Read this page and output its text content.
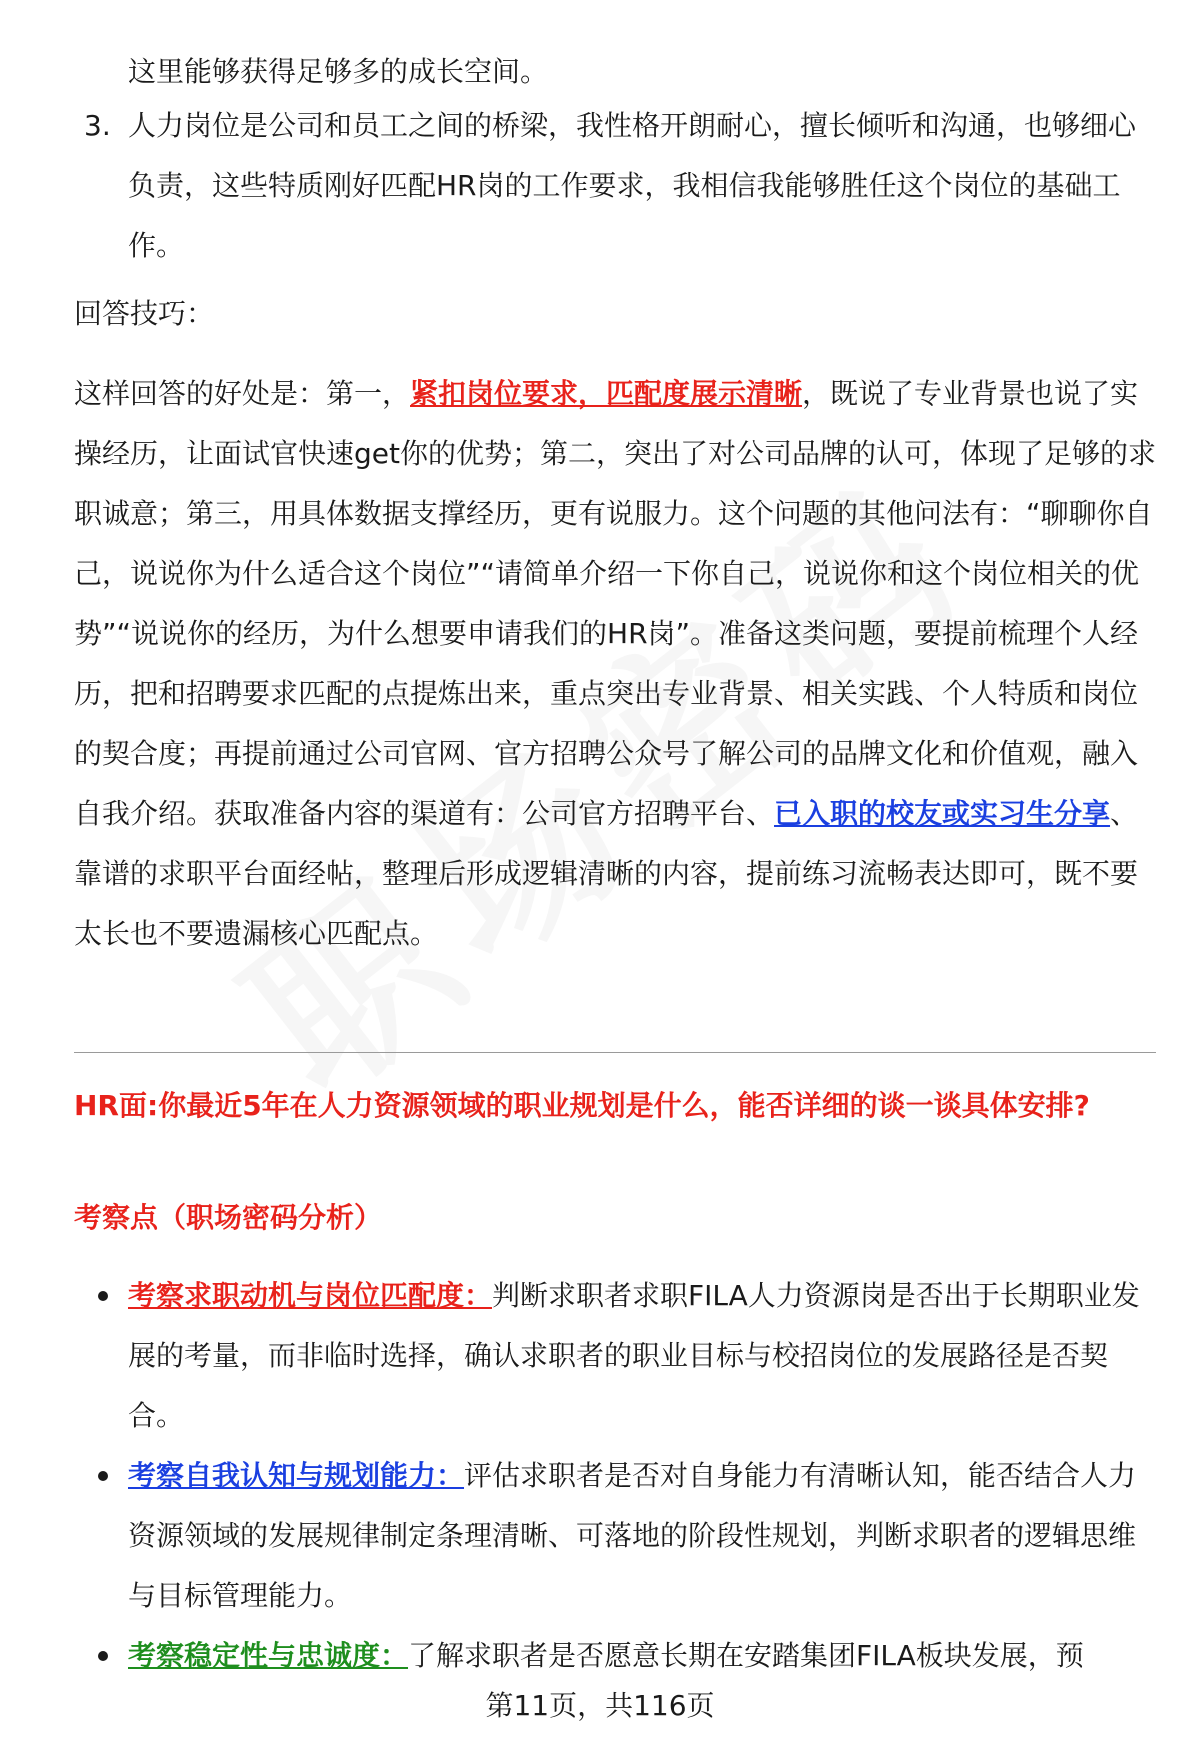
这里能够获得足够多的成长空间。

3. 人力岗位是公司和员工之间的桥梁，我性格开朗耐心，擅长倾听和沟通，也够细心负责，这些特质刚好匹配HR岗的工作要求，我相信我能够胜任这个岗位的基础工作。

回答技巧：

这样回答的好处是：第一，紧扣岗位要求，匹配度展示清晰，既说了专业背景也说了实操经历，让面试官快速get你的优势；第二，突出了对公司品牌的认可，体现了足够的求职诚意；第三，用具体数据支撑经历，更有说服力。这个问题的其他问法有：“聊聊你自己，说说你为什么适合这个岗位”“请简单介绍一下你自己，说说你和这个岗位相关的优势”“说说你的经历，为什么想要申请我们的HR岗”。准备这类问题，要提前梳理个人经历，把和招聘要求匹配的点提炼出来，重点突出专业背景、相关实践、个人特质和岗位的契合度；再提前通过公司官网、官方招聘公众号了解公司的品牌文化和价值观，融入自我介绍。获取准备内容的渠道有：公司官方招聘平台、已入职的校友或实习生分享、靠谱的求职平台面经帖，整理后形成逻辑清晰的内容，提前练习流畅表达即可，既不要太长也不要遗漏核心匹配点。

HR面:你最近5年在人力资源领域的职业规划是什么，能否详细的谈一谈具体安排?

考察点（职场密码分析）

考察求职动机与岗位匹配度：判断求职者求职FILA人力资源岗是否出于长期职业发展的考量，而非临时选择，确认求职者的职业目标与校招岗位的发展路径是否契合。

考察自我认知与规划能力：评估求职者是否对自身能力有清晰认知，能否结合人力资源领域的发展规律制定条理清晰、可落地的阶段性规划，判断求职者的逻辑思维与目标管理能力。

考察稳定性与忠诚度：了解求职者是否愿意长期在安踏集团FILA板块发展，预

第11页，共116页
